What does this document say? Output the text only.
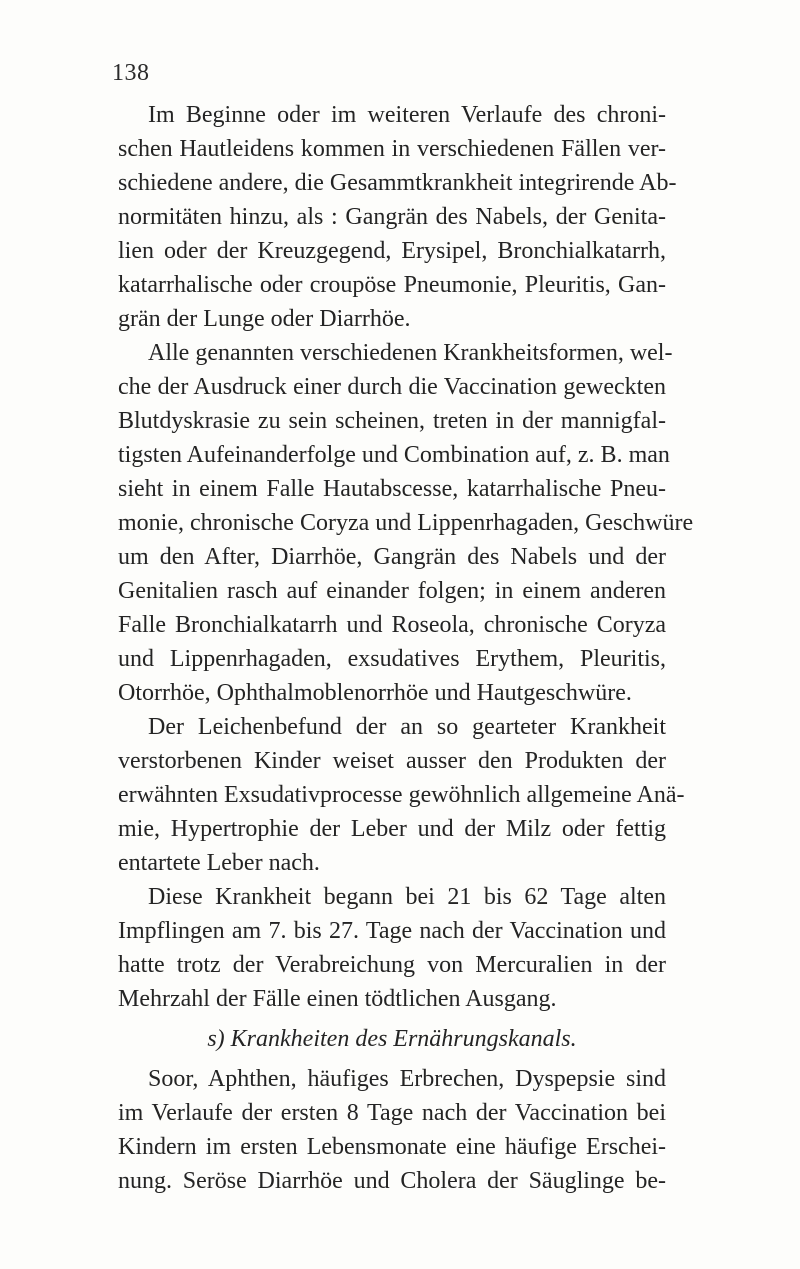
138
Im Beginne oder im weiteren Verlaufe des chroni-
schen Hautleidens kommen in verschiedenen Fällen ver-
schiedene andere, die Gesammtkrankheit integrirende Ab-
normitäten hinzu, als : Gangrän des Nabels, der Genita-
lien oder der Kreuzgegend, Erysipel, Bronchialkatarrh,
katarrhalische oder croupöse Pneumonie, Pleuritis, Gan-
grän der Lunge oder Diarrhöe.
Alle genannten verschiedenen Krankheitsformen, wel-
che der Ausdruck einer durch die Vaccination geweckten
Blutdyskrasie zu sein scheinen, treten in der mannigfal-
tigsten Aufeinanderfolge und Combination auf, z. B. man
sieht in einem Falle Hautabscesse, katarrhalische Pneu-
monie, chronische Coryza und Lippenrhagaden, Geschwüre
um den After, Diarrhöe, Gangrän des Nabels und der
Genitalien rasch auf einander folgen; in einem anderen
Falle Bronchialkatarrh und Roseola, chronische Coryza
und Lippenrhagaden, exsudatives Erythem, Pleuritis,
Otorrhöe, Ophthalmoblenorrhöe und Hautgeschwüre.
Der Leichenbefund der an so gearteter Krankheit
verstorbenen Kinder weiset ausser den Produkten der
erwähnten Exsudativprocesse gewöhnlich allgemeine Anä-
mie, Hypertrophie der Leber und der Milz oder fettig
entartete Leber nach.
Diese Krankheit begann bei 21 bis 62 Tage alten
Impflingen am 7. bis 27. Tage nach der Vaccination und
hatte trotz der Verabreichung von Mercuralien in der
Mehrzahl der Fälle einen tödtlichen Ausgang.
s) Krankheiten des Ernährungskanals.
Soor, Aphthen, häufiges Erbrechen, Dyspepsie sind
im Verlaufe der ersten 8 Tage nach der Vaccination bei
Kindern im ersten Lebensmonate eine häufige Erschei-
nung. Seröse Diarrhöe und Cholera der Säuglinge be-
